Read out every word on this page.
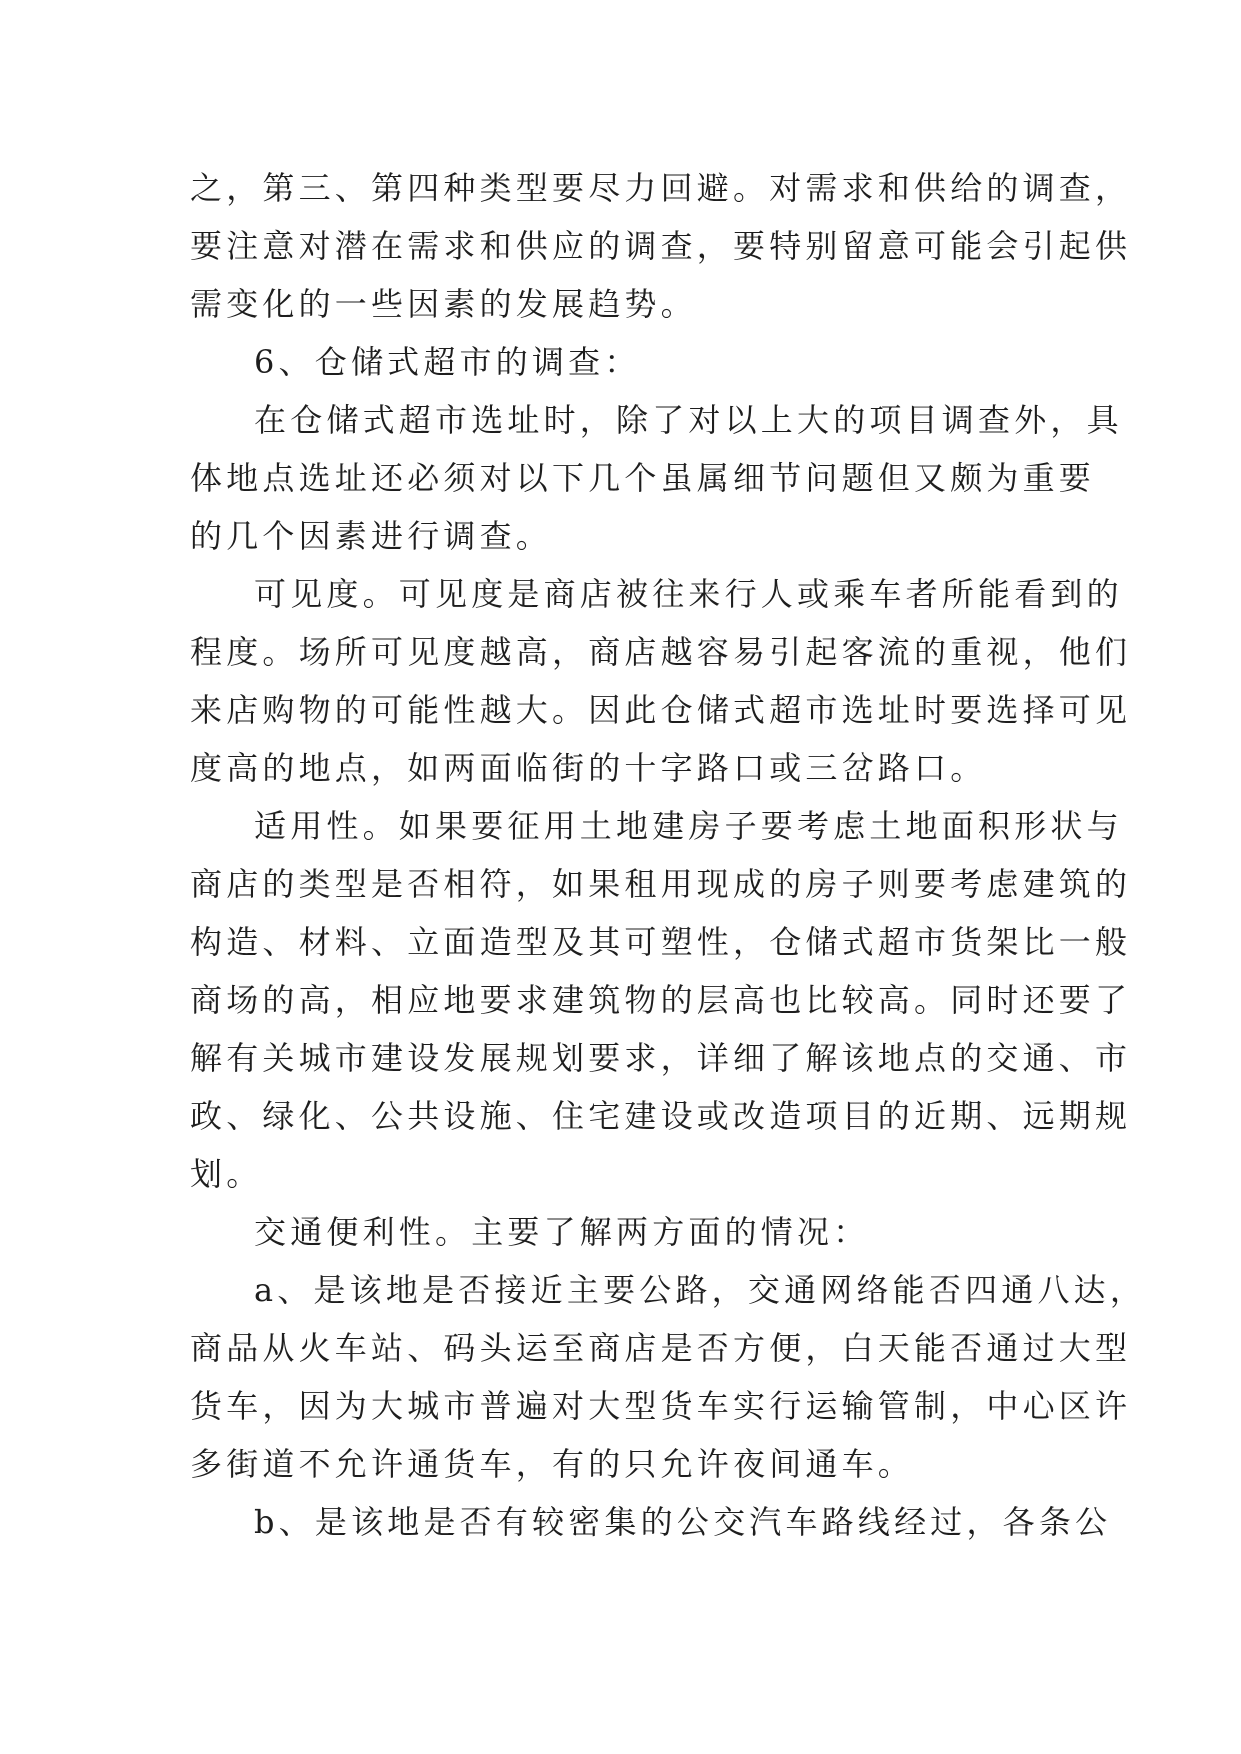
之，第三、第四种类型要尽力回避。对需求和供给的调查，

要注意对潜在需求和供应的调查，要特别留意可能会引起供

需变化的一些因素的发展趋势。

6、仓储式超市的调查：

在仓储式超市选址时，除了对以上大的项目调查外，具

体地点选址还必须对以下几个虽属细节问题但又颇为重要

的几个因素进行调查。

可见度。可见度是商店被往来行人或乘车者所能看到的

程度。场所可见度越高，商店越容易引起客流的重视，他们

来店购物的可能性越大。因此仓储式超市选址时要选择可见

度高的地点，如两面临街的十字路口或三岔路口。

适用性。如果要征用土地建房子要考虑土地面积形状与

商店的类型是否相符，如果租用现成的房子则要考虑建筑的

构造、材料、立面造型及其可塑性，仓储式超市货架比一般

商场的高，相应地要求建筑物的层高也比较高。同时还要了

解有关城市建设发展规划要求，详细了解该地点的交通、市

政、绿化、公共设施、住宅建设或改造项目的近期、远期规

划。

交通便利性。主要了解两方面的情况：

a、是该地是否接近主要公路，交通网络能否四通八达，

商品从火车站、码头运至商店是否方便，白天能否通过大型

货车，因为大城市普遍对大型货车实行运输管制，中心区许

多街道不允许通货车，有的只允许夜间通车。

b、是该地是否有较密集的公交汽车路线经过，各条公
